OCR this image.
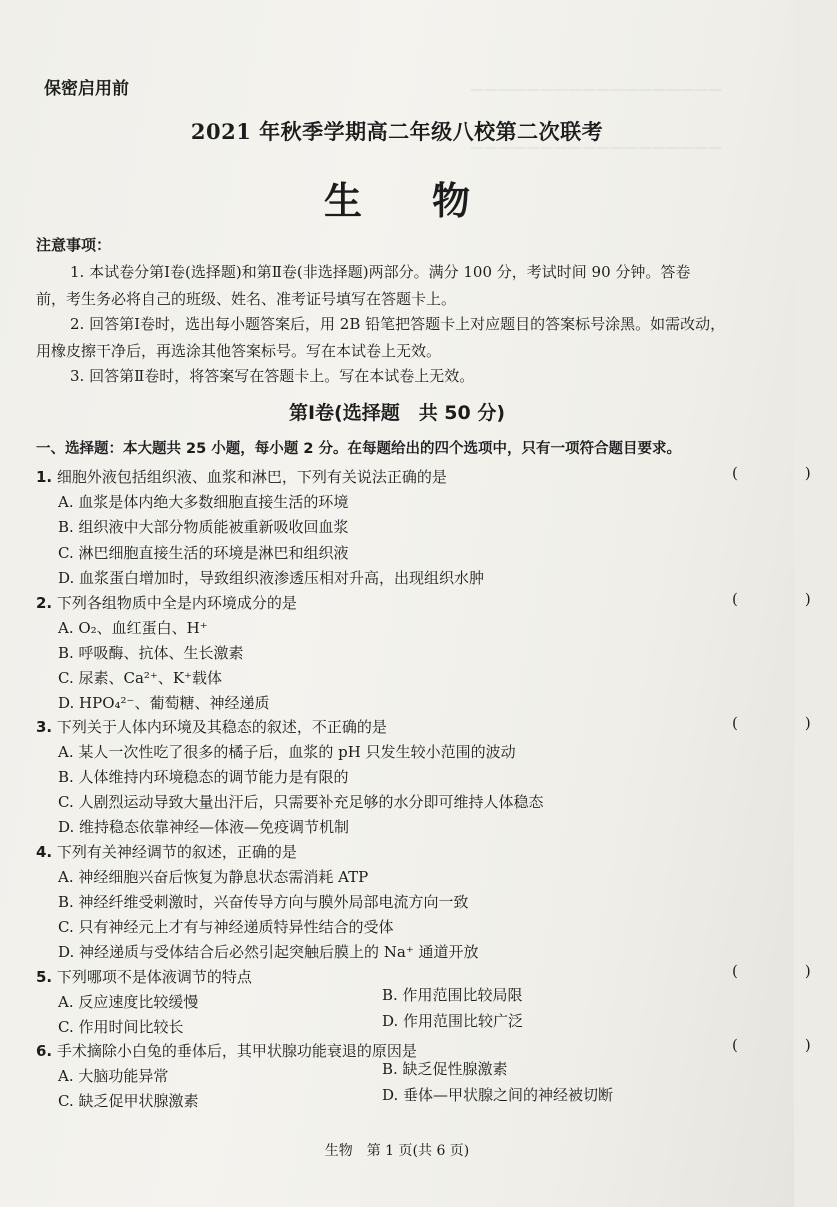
——————————————————
——————————————————
保密启用前
2021 年秋季学期高二年级八校第二次联考
生物
注意事项：
1. 本试卷分第Ⅰ卷(选择题)和第Ⅱ卷(非选择题)两部分。满分 100 分，考试时间 90 分钟。答卷
前，考生务必将自己的班级、姓名、准考证号填写在答题卡上。
2. 回答第Ⅰ卷时，选出每小题答案后，用 2B 铅笔把答题卡上对应题目的答案标号涂黑。如需改动，
用橡皮擦干净后，再选涂其他答案标号。写在本试卷上无效。
3. 回答第Ⅱ卷时，将答案写在答题卡上。写在本试卷上无效。
第Ⅰ卷(选择题　共 50 分)
一、选择题：本大题共 25 小题，每小题 2 分。在每题给出的四个选项中，只有一项符合题目要求。
1. 细胞外液包括组织液、血浆和淋巴，下列有关说法正确的是	(　)
A. 血浆是体内绝大多数细胞直接生活的环境
B. 组织液中大部分物质能被重新吸收回血浆
C. 淋巴细胞直接生活的环境是淋巴和组织液
D. 血浆蛋白增加时，导致组织液渗透压相对升高，出现组织水肿
2. 下列各组物质中全是内环境成分的是	(　)
A. O₂、血红蛋白、H⁺
B. 呼吸酶、抗体、生长激素
C. 尿素、Ca²⁺、K⁺载体
D. HPO₄²⁻、葡萄糖、神经递质
3. 下列关于人体内环境及其稳态的叙述，不正确的是	(　)
A. 某人一次性吃了很多的橘子后，血浆的 pH 只发生较小范围的波动
B. 人体维持内环境稳态的调节能力是有限的
C. 人剧烈运动导致大量出汗后，只需要补充足够的水分即可维持人体稳态
D. 维持稳态依靠神经—体液—免疫调节机制
4. 下列有关神经调节的叙述，正确的是
A. 神经细胞兴奋后恢复为静息状态需消耗 ATP
B. 神经纤维受刺激时，兴奋传导方向与膜外局部电流方向一致
C. 只有神经元上才有与神经递质特异性结合的受体
D. 神经递质与受体结合后必然引起突触后膜上的 Na⁺ 通道开放
5. 下列哪项不是体液调节的特点	(　)
A. 反应速度比较缓慢	B. 作用范围比较局限
C. 作用时间比较长	D. 作用范围比较广泛
6. 手术摘除小白兔的垂体后，其甲状腺功能衰退的原因是	(　)
A. 大脑功能异常	B. 缺乏促性腺激素
C. 缺乏促甲状腺激素	D. 垂体—甲状腺之间的神经被切断
生物　第 1 页(共 6 页)
